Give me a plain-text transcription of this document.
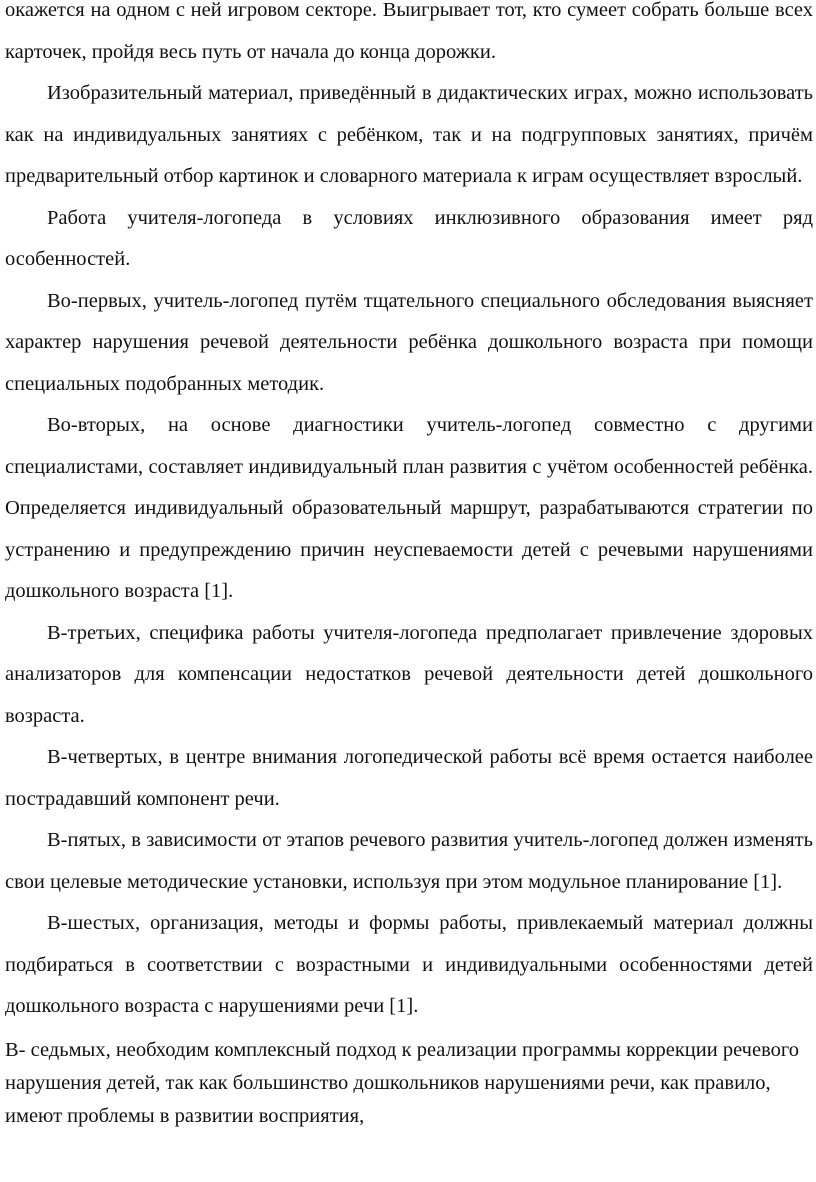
окажется на одном с ней игровом секторе. Выигрывает тот, кто сумеет собрать больше всех карточек, пройдя весь путь от начала до конца дорожки.

Изобразительный материал, приведённый в дидактических играх, можно использовать как на индивидуальных занятиях с ребёнком, так и на подгрупповых занятиях, причём предварительный отбор картинок и словарного материала к играм осуществляет взрослый.

Работа учителя-логопеда в условиях инклюзивного образования имеет ряд особенностей.

Во-первых, учитель-логопед путём тщательного специального обследования выясняет характер нарушения речевой деятельности ребёнка дошкольного возраста при помощи специальных подобранных методик.

Во-вторых, на основе диагностики учитель-логопед совместно с другими специалистами, составляет индивидуальный план развития с учётом особенностей ребёнка. Определяется индивидуальный образовательный маршрут, разрабатываются стратегии по устранению и предупреждению причин неуспеваемости детей с речевыми нарушениями дошкольного возраста [1].

В-третьих, специфика работы учителя-логопеда предполагает привлечение здоровых анализаторов для компенсации недостатков речевой деятельности детей дошкольного возраста.

В-четвертых, в центре внимания логопедической работы всё время остается наиболее пострадавший компонент речи.

В-пятых, в зависимости от этапов речевого развития учитель-логопед должен изменять свои целевые методические установки, используя при этом модульное планирование [1].

В-шестых, организация, методы и формы работы, привлекаемый материал должны подбираться в соответствии с возрастными и индивидуальными особенностями детей дошкольного возраста с нарушениями речи [1].

В- седьмых, необходим комплексный подход к реализации программы коррекции речевого нарушения детей, так как большинство дошкольников нарушениями речи, как правило, имеют проблемы в развитии восприятия,
